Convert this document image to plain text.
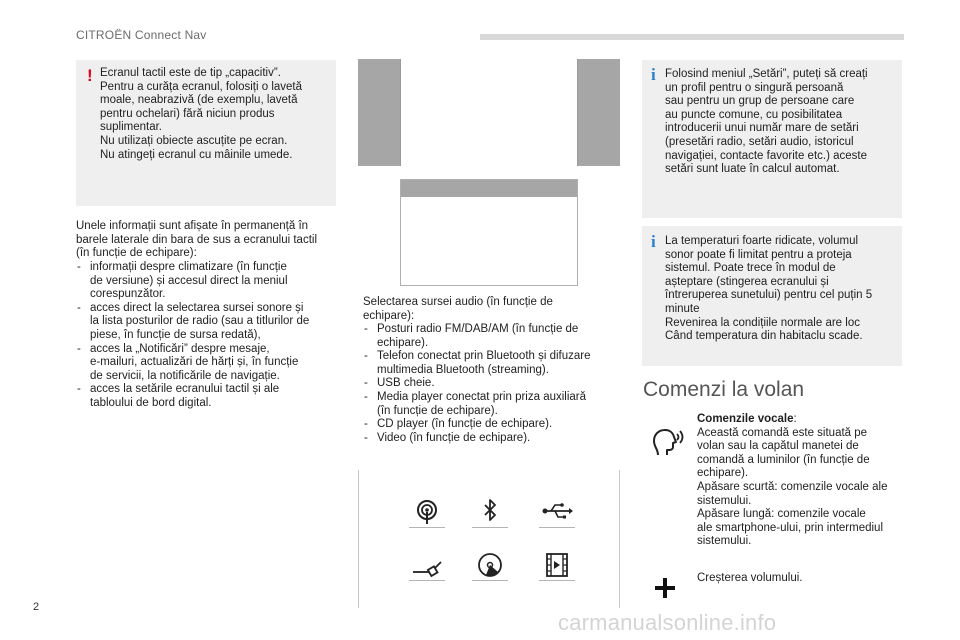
CITROËN Connect Nav
! Ecranul tactil este de tip „capacitiv”.
Pentru a curăța ecranul, folosiți o lavetă
moale, neabrazivă (de exemplu, lavetă
pentru ochelari) fără niciun produs
suplimentar.
Nu utilizați obiecte ascuțite pe ecran.
Nu atingeți ecranul cu mâinile umede.
Unele informații sunt afișate în permanență în
barele laterale din bara de sus a ecranului tactil
(în funcție de echipare):
- informații despre climatizare (în funcție
de versiune) și accesul direct la meniul
corespunzător.
- acces direct la selectarea sursei sonore și
la lista posturilor de radio (sau a titlurilor de
piese, în funcție de sursa redată),
- acces la „Notificări” despre mesaje,
e-mailuri, actualizări de hărți și, în funcție
de servicii, la notificările de navigație.
- acces la setările ecranului tactil și ale
tabloului de bord digital.
Selectarea sursei audio (în funcție de
echipare):
- Posturi radio FM/DAB/AM (în funcție de
echipare).
- Telefon conectat prin Bluetooth și difuzare
multimedia Bluetooth (streaming).
- USB cheie.
- Media player conectat prin priza auxiliară
(în funcție de echipare).
- CD player (în funcție de echipare).
- Video (în funcție de echipare).
i Folosind meniul „Setări”, puteți să creați
un profil pentru o singură persoană
sau pentru un grup de persoane care
au puncte comune, cu posibilitatea
introducerii unui număr mare de setări
(presetări radio, setări audio, istoricul
navigației, contacte favorite etc.) aceste
setări sunt luate în calcul automat.
i La temperaturi foarte ridicate, volumul
sonor poate fi limitat pentru a proteja
sistemul. Poate trece în modul de
așteptare (stingerea ecranului și
întreruperea sunetului) pentru cel puțin 5
minute
Revenirea la condițiile normale are loc
Când temperatura din habitaclu scade.
Comenzi la volan
Comenzile vocale:
Această comandă este situată pe
volan sau la capătul manetei de
comandă a luminilor (în funcție de
echipare).
Apăsare scurtă: comenzile vocale ale
sistemului.
Apăsare lungă: comenzile vocale
ale smartphone-ului, prin intermediul
sistemului.
Creșterea volumului.
2
carmanualsonline.info
